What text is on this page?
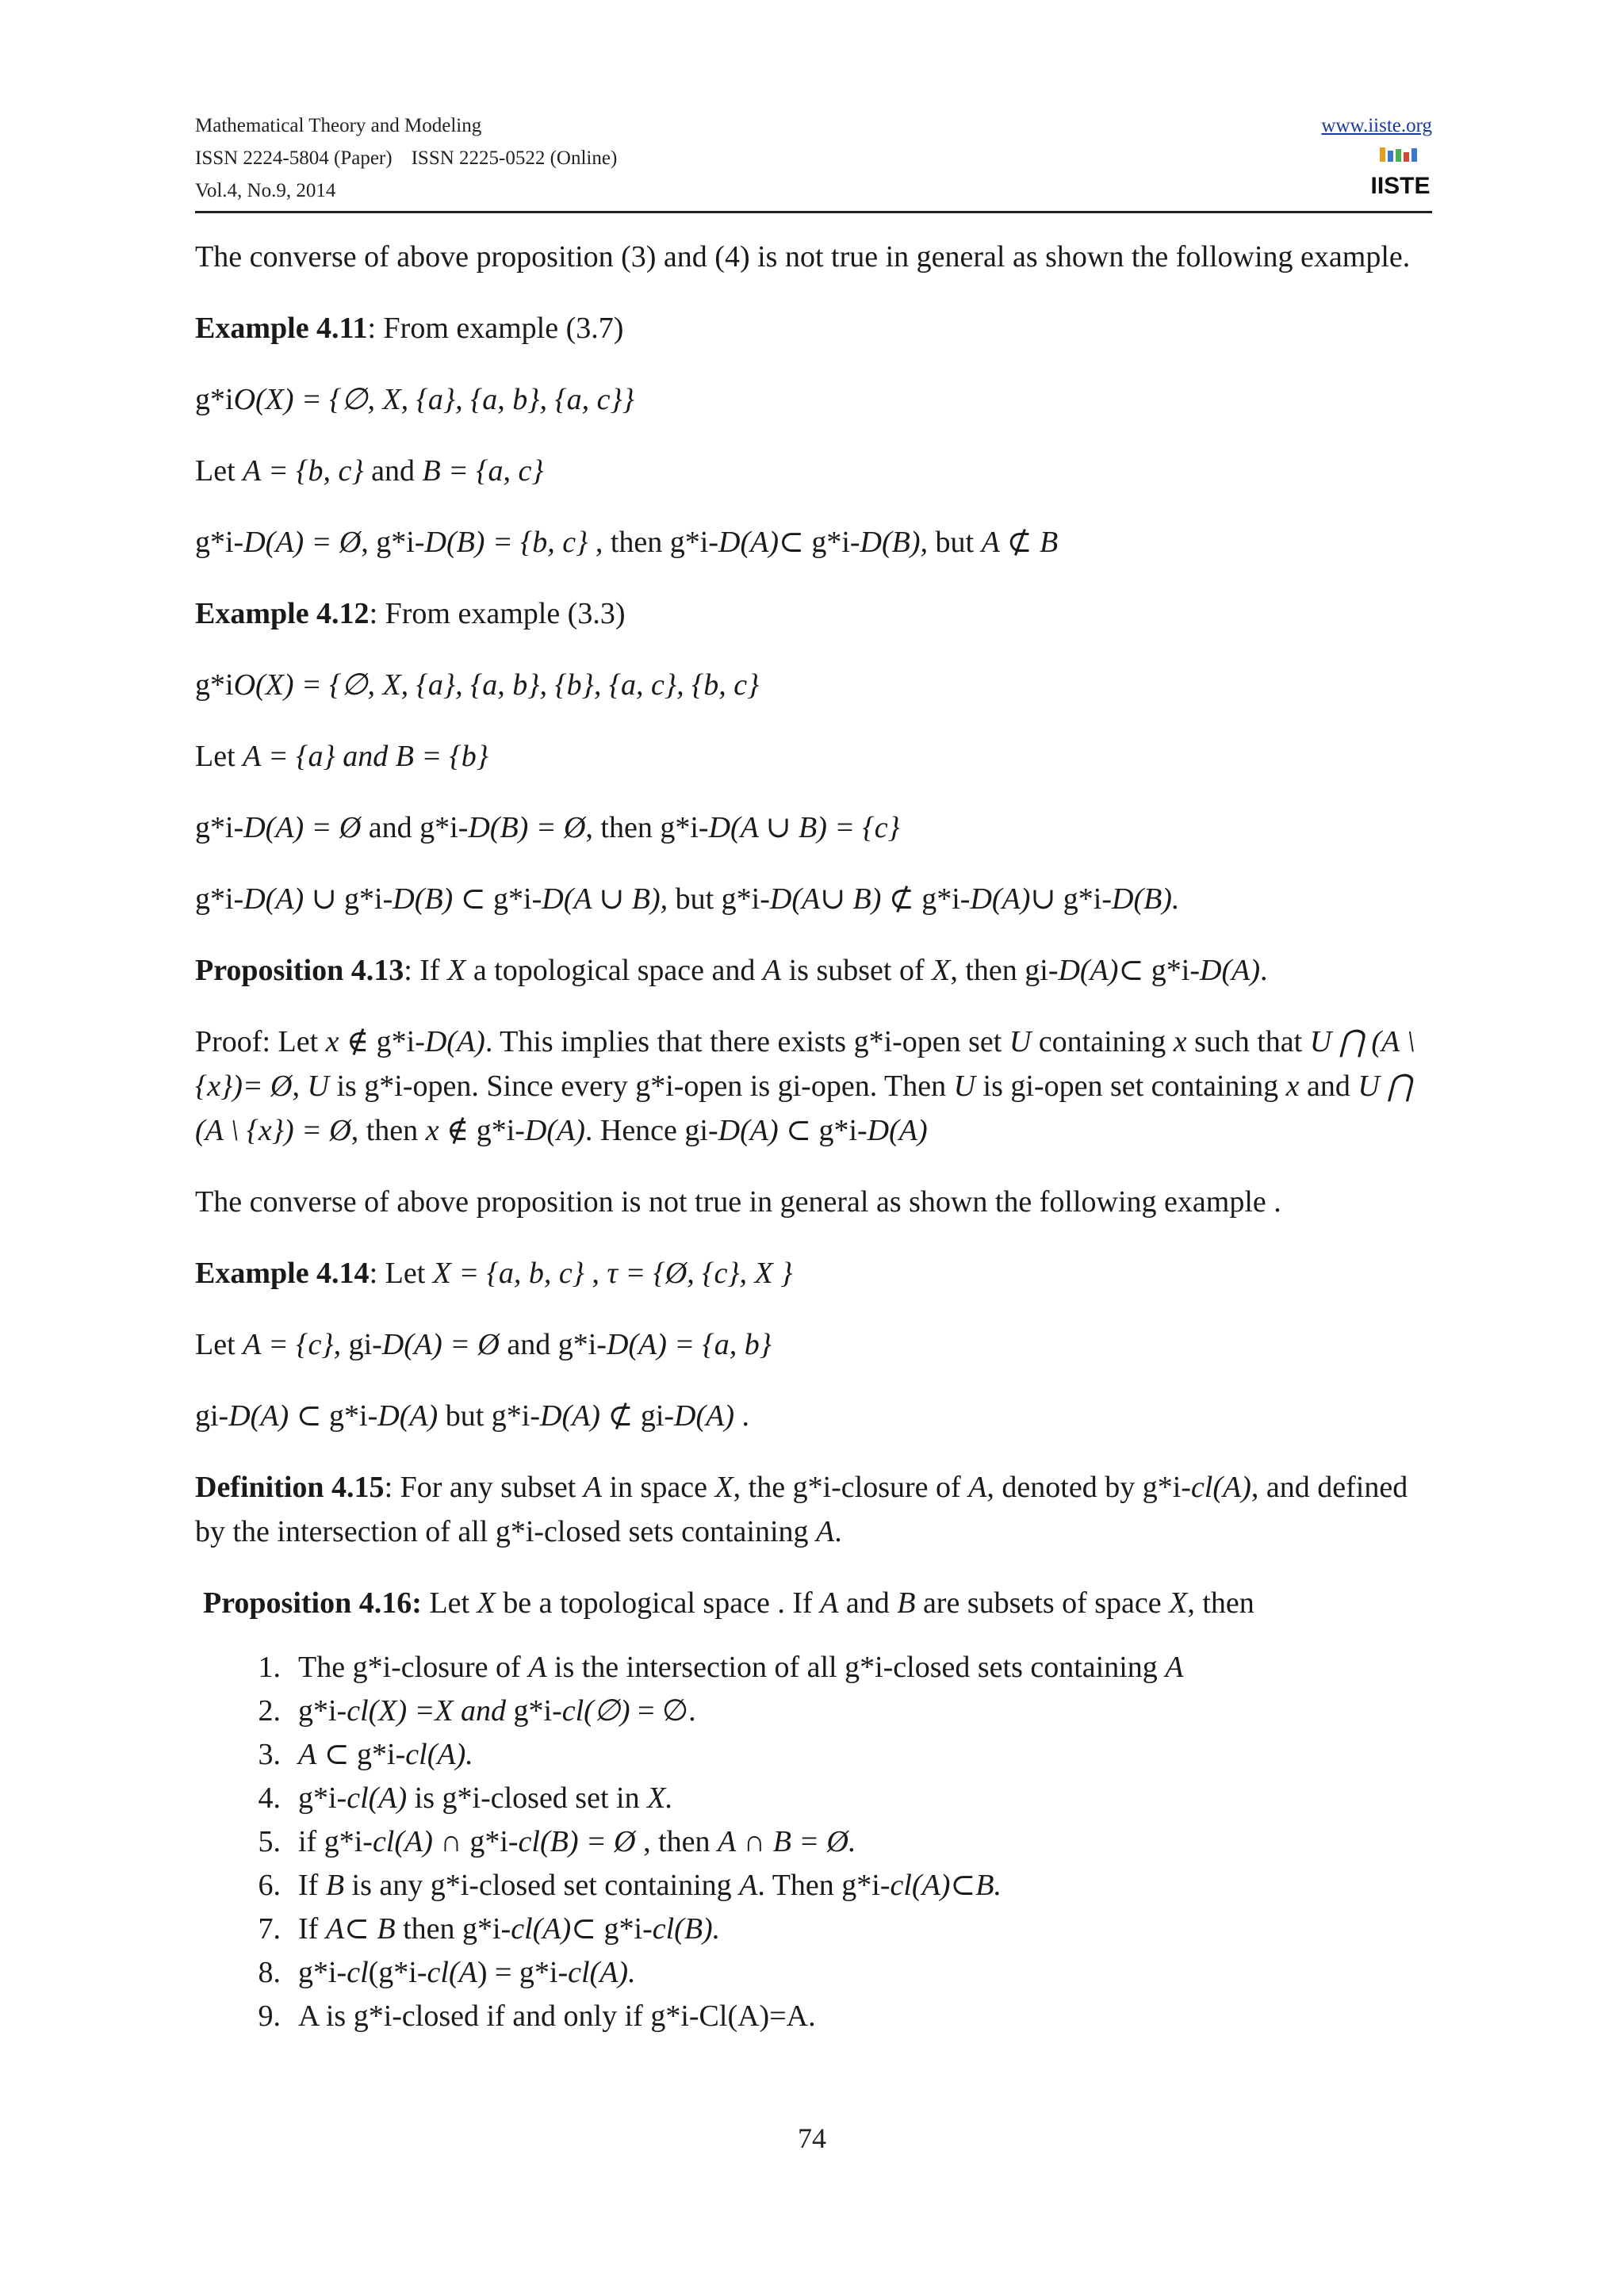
Mathematical Theory and Modeling
ISSN 2224-5804 (Paper) ISSN 2225-0522 (Online)
Vol.4, No.9, 2014
www.iiste.org
IISTE

The converse of above proposition (3) and (4) is not true in general as shown the following example.

Example 4.11: From example (3.7)

g*iO(X) = {∅, X, {a}, {a, b}, {a, c}}

Let A = {b, c} and B = {a, c}

g*i-D(A) = Ø, g*i-D(B) = {b, c} , then g*i-D(A)⊂ g*i-D(B), but A ⊄ B

Example 4.12: From example (3.3)

g*iO(X) = {∅, X, {a}, {a, b}, {b}, {a, c}, {b, c}

Let A = {a} and B = {b}

g*i-D(A) = Ø and g*i-D(B) = Ø, then g*i-D(A ∪ B) = {c}

g*i-D(A) ∪ g*i-D(B) ⊂ g*i-D(A ∪ B), but g*i-D(A∪ B) ⊄ g*i-D(A)∪ g*i-D(B).

Proposition 4.13: If X a topological space and A is subset of X, then gi-D(A)⊂ g*i-D(A).

Proof: Let x ∉ g*i-D(A). This implies that there exists g*i-open set U containing x such that U ⋂ (A \ {x})= Ø, U is g*i-open. Since every g*i-open is gi-open. Then U is gi-open set containing x and U ⋂ (A \ {x}) = Ø, then x ∉ g*i-D(A). Hence gi-D(A) ⊂ g*i-D(A)

The converse of above proposition is not true in general as shown the following example .

Example 4.14: Let X = {a, b, c} , τ = {Ø, {c}, X }

Let A = {c}, gi-D(A) = Ø and g*i-D(A) = {a, b}

gi-D(A) ⊂ g*i-D(A) but g*i-D(A) ⊄ gi-D(A) .

Definition 4.15: For any subset A in space X, the g*i-closure of A, denoted by g*i-cl(A), and defined by the intersection of all g*i-closed sets containing A.

Proposition 4.16: Let X be a topological space . If A and B are subsets of space X, then

1. The g*i-closure of A is the intersection of all g*i-closed sets containing A
2. g*i-cl(X) =X and g*i-cl(∅) = ∅.
3. A ⊂ g*i-cl(A).
4. g*i-cl(A) is g*i-closed set in X.
5. if g*i-cl(A) ∩ g*i-cl(B) = Ø , then A ∩ B = Ø.
6. If B is any g*i-closed set containing A. Then g*i-cl(A)⊂B.
7. If A⊂ B then g*i-cl(A)⊂ g*i-cl(B).
8. g*i-cl(g*i-cl(A) = g*i-cl(A).
9. A is g*i-closed if and only if g*i-Cl(A)=A.
74
